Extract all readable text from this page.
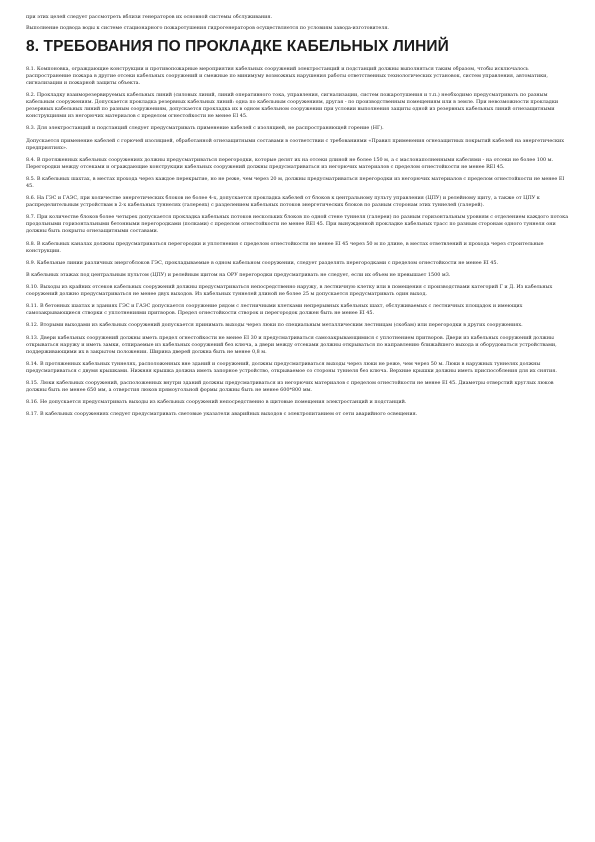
при этих целей следует рассмотреть вблизи генераторов их основной системы обслуживания.

Выполнение подвода воды к системе стационарного пожаротушения гидрогенераторов осуществляется по условиям завода-изготовителя.

8. ТРЕБОВАНИЯ ПО ПРОКЛАДКЕ КАБЕЛЬНЫХ ЛИНИЙ

8.1. Компоновка, ограждающие конструкции и противопожарные мероприятия кабельных сооружений электростанций и подстанций должны выполняться таким образом, чтобы исключалось распространение пожара в другие отсеки кабельных сооружений и смежные по минимуму возможных нарушения работы ответственных технологических установок, систем управления, автоматики, сигнализации и пожарной защиты объекта.

8.2. Прокладку взаиморезервируемых кабельных линий (силовых линий, линий оперативного тока, управления, сигнализации, систем пожаротушения и т.п.) необходимо предусматривать по разным кабельным сооружениям. Допускается прокладка резервных кабельных линий: одна по кабельным сооружениям, другая - по производственным помещениям или в земле. При невозможности прокладки резервных кабельных линий по разным сооружениям, допускается прокладка их в одном кабельном сооружении при условии выполнения защиты одной из резервных кабельных линий огнезащитными конструкциями из негорючих материалов с пределом огнестойкости не менее EI 45.

8.3. Для электростанций и подстанций следует предусматривать применение кабелей с изоляцией, не распространяющей горение (НГ).

Допускается применение кабелей с горючей изоляцией, обработанной огнезащитными составами в соответствии с требованиями «Правил применения огнезащитных покрытий кабелей на энергетических предприятиях».

8.4. В протяженных кабельных сооружениях должны предусматриваться перегородки, которые делят их на отсеки длиной не более 150 м, а с маслонаполненными кабелями - на отсеки не более 100 м. Перегородки между отсеками и ограждающие конструкции кабельных сооружений должны предусматриваться из негорючих материалов с пределом огнестойкости не менее REI 45.

8.5. В кабельных шахтах, в местах прохода через каждое перекрытие, но не реже, чем через 20 м, должны предусматриваться перегородки из негорючих материалов с пределом огнестойкости не менее EI 45.

8.6. На ГЭС и ГАЭС, при количестве энергетических блоков не более 4-х, допускается прокладка кабелей от блоков к центральному пульту управления (ЦПУ) и релейному щиту, а также от ЦПУ к распределительным устройствам в 2-х кабельных туннелях (галереях) с разделением кабельных потоков энергетических блоков по разным сторонам этих туннелей (галерей).

8.7. При количестве блоков более четырех допускается прокладка кабельных потоков нескольких блоков по одной стене туннеля (галереи) по разным горизонтальным уровням с отделением каждого потока продольными горизонтальными бетонными перегородками (полками) с пределом огнестойкости не менее REI 45. При вынужденной прокладке кабельных трасс по разным сторонам одного туннеля они должны быть покрыты огнезащитными составами.

8.8. В кабельных каналах должны предусматриваться перегородки и уплотнения с пределом огнестойкости не менее EI 45 через 50 м по длине, в местах ответвлений и прохода через строительные конструкции.

8.9. Кабельные линии различных энергоблоков ГЭС, прокладываемые в одном кабельном сооружении, следует разделять перегородками с пределом огнестойкости не менее EI 45.

В кабельных этажах под центральным пультом (ЦПУ) и релейным щитом на ОРУ перегородки предусматривать не следует, если их объем не превышает 1500 м3.

8.10. Выходы из крайних отсеков кабельных сооружений должны предусматриваться непосредственно наружу, в лестничную клетку или в помещения с производствами категорий Г и Д. Из кабельных сооружений должно предусматриваться не менее двух выходов. Из кабельных туннелей длиной не более 25 м допускается предусматривать один выход.

8.11. В бетонных шахтах и зданиях ГЭС и ГАЭС допускается сооружение рядом с лестничными клетками непрерывных кабельных шахт, обслуживаемых с лестничных площадок и имеющих самозакрывающиеся створки с уплотнениями притворов. Предел огнестойкости створок и перегородок должен быть не менее EI 45.

8.12. Вторыми выходами из кабельных сооружений допускается принимать выходы через люки по специальным металлическим лестницам (скобам) или перегородки в других сооружениях.

8.13. Двери кабельных сооружений должны иметь предел огнестойкости не менее EI 30 и предусматриваться самозакрывающимися с уплотнением притворов. Двери из кабельных сооружений должны открываться наружу и иметь замки, отпираемые из кабельных сооружений без ключа, а двери между отсеками должны открываться по направлению ближайшего выхода и оборудоваться устройствами, поддерживающими их в закрытом положении. Ширина дверей должна быть не менее 0,8 м.

8.14. В протяженных кабельных туннелях, расположенных вне зданий и сооружений, должны предусматриваться выходы через люки не реже, чем через 50 м. Люки в наружных туннелях должны предусматриваться с двумя крышками. Нижняя крышка должна иметь запорное устройство, открываемое со стороны туннеля без ключа. Верхние крышки должны иметь приспособления для их снятия.

8.15. Люки кабельных сооружений, расположенных внутри зданий должны предусматриваться из негорючих материалов с пределом огнестойкости не менее EI 45. Диаметры отверстий круглых люков должны быть не менее 650 мм, а отверстия люков прямоугольной формы должны быть не менее 600*800 мм.

8.16. Не допускается предусматривать выходы из кабельных сооружений непосредственно в щитовые помещения электростанций и подстанций.

8.17. В кабельных сооружениях следует предусматривать световые указатели аварийных выходов с электропитанием от сети аварийного освещения.
